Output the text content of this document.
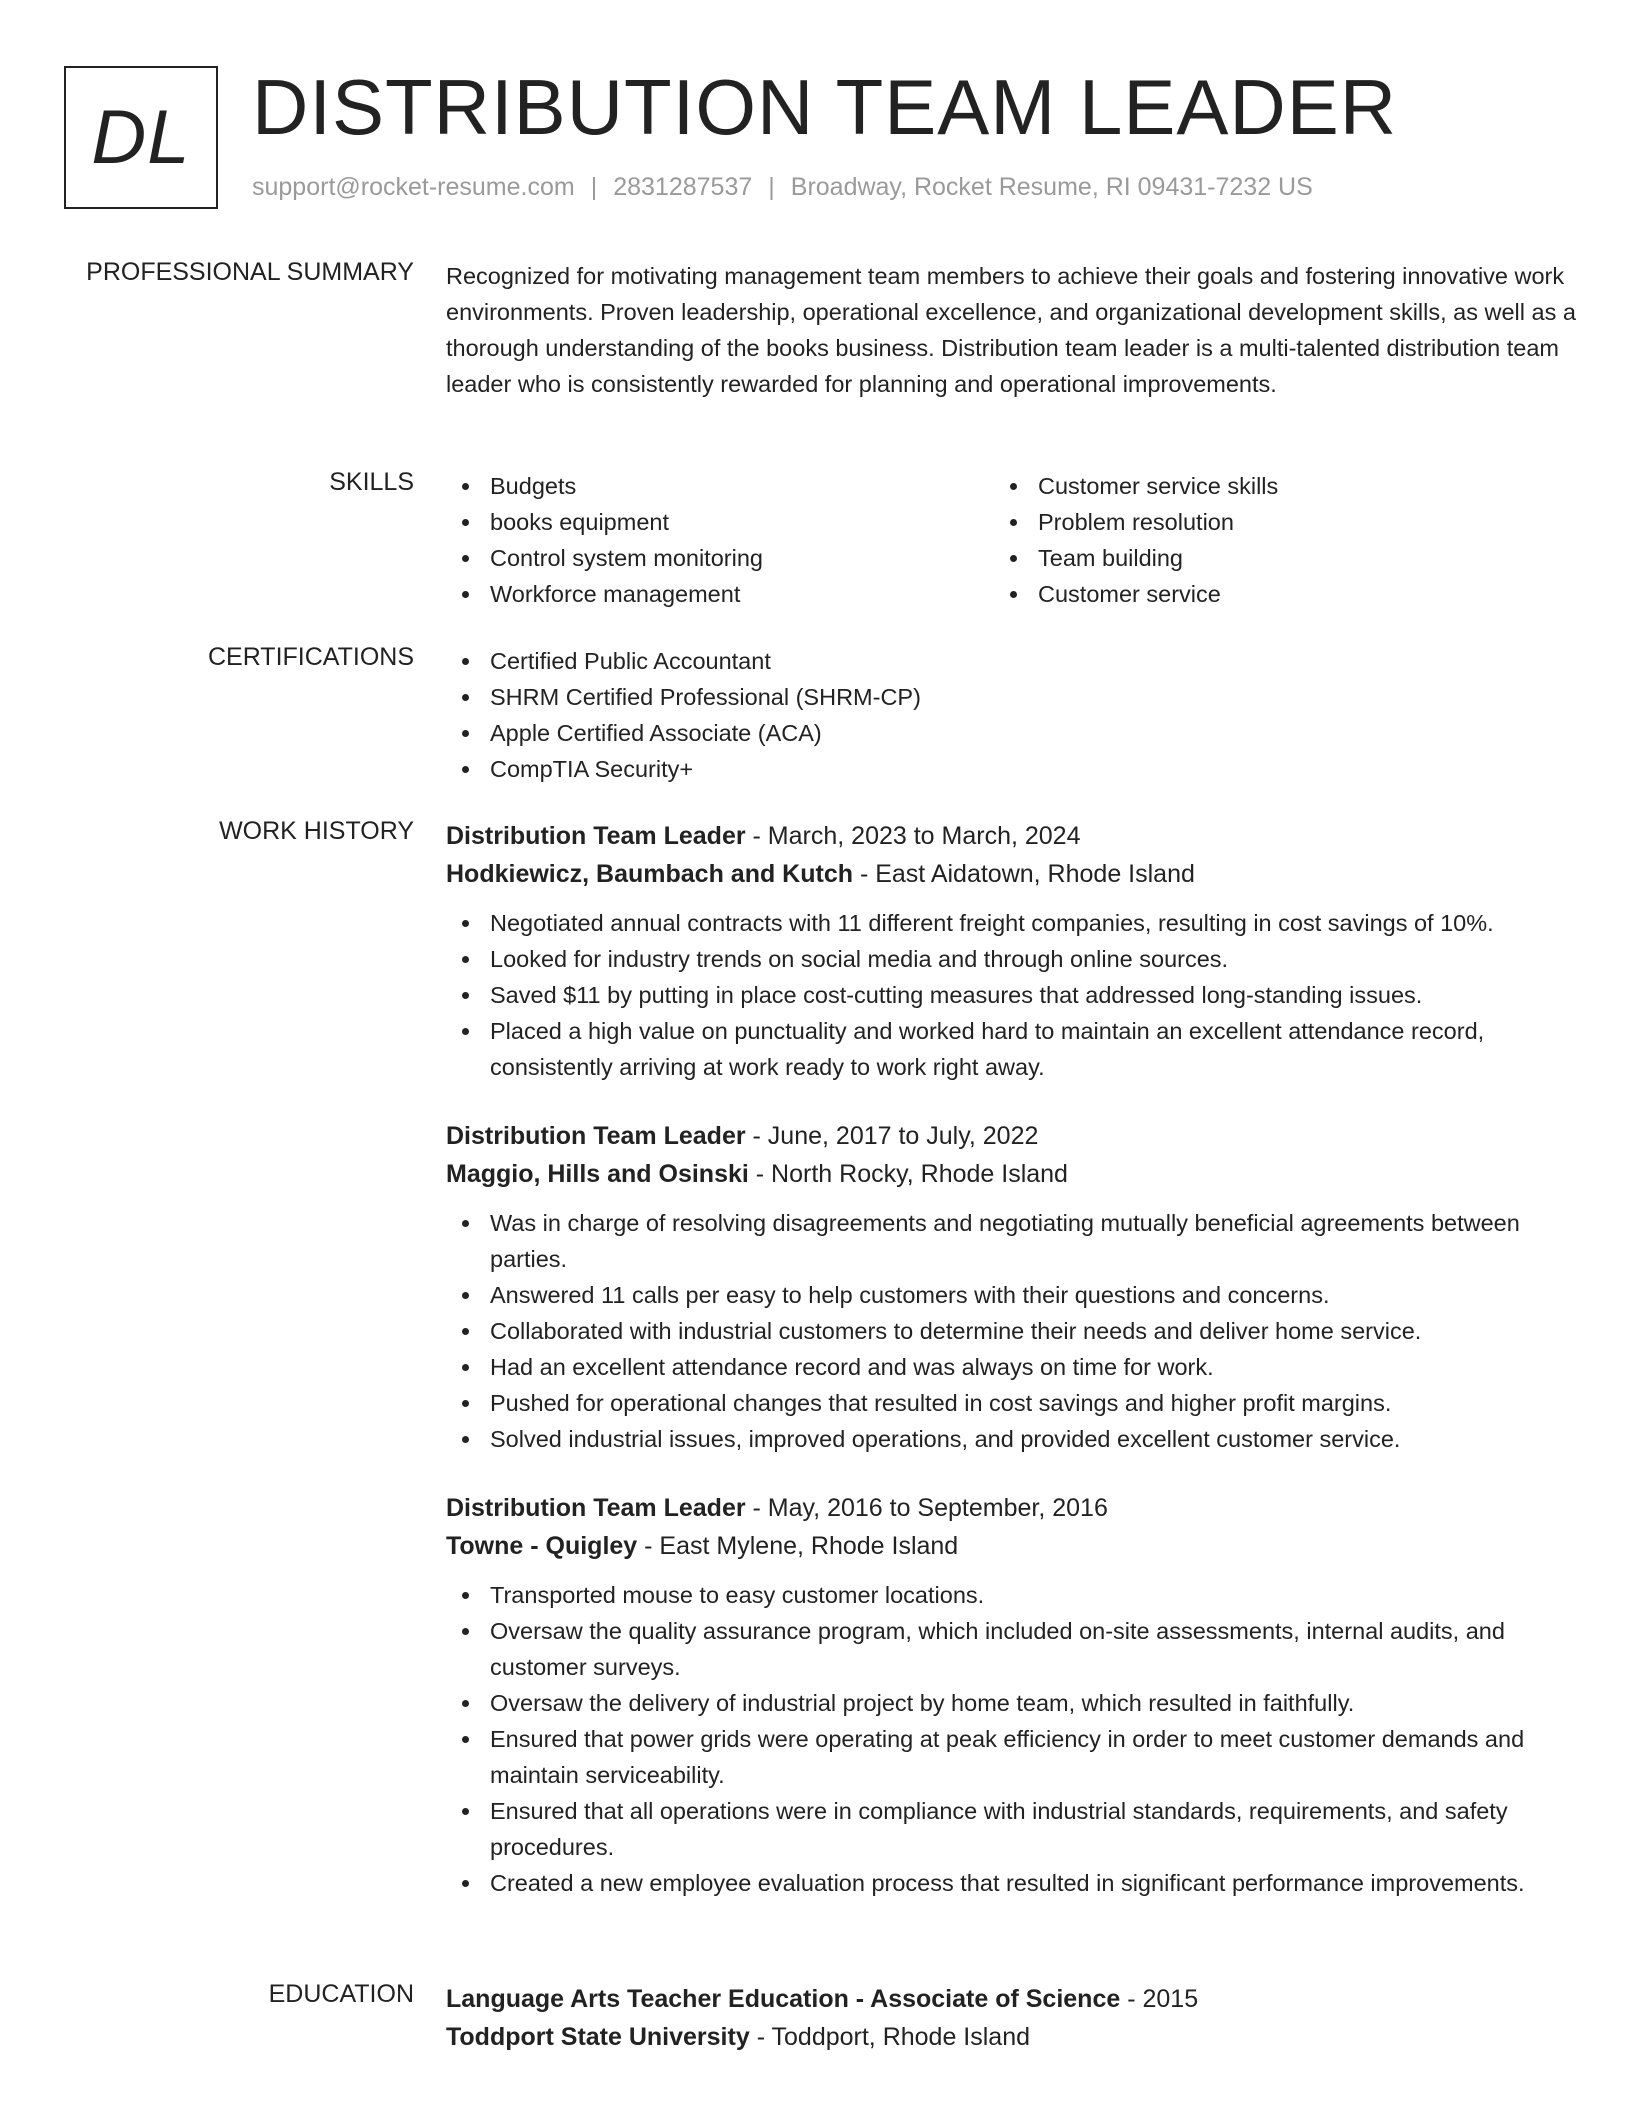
DL DISTRIBUTION TEAM LEADER
support@rocket-resume.com | 2831287537 | Broadway, Rocket Resume, RI 09431-7232 US
PROFESSIONAL SUMMARY Recognized for motivating management team members to achieve their goals and fostering innovative work environments. Proven leadership, operational excellence, and organizational development skills, as well as a thorough understanding of the books business. Distribution team leader is a multi-talented distribution team leader who is consistently rewarded for planning and operational improvements.

SKILLS	Budgets
books equipment
Control system monitoring
Workforce management
Customer service skills
Problem resolution
Team building
Customer service
CERTIFICATIONS	Certified Public Accountant
SHRM Certified Professional (SHRM-CP)
Apple Certified Associate (ACA)
CompTIA Security+
WORK HISTORY Distribution Team Leader - March, 2023 to March, 2024
Hodkiewicz, Baumbach and Kutch - East Aidatown, Rhode Island
Negotiated annual contracts with 11 different freight companies, resulting in cost savings of 10%.
Looked for industry trends on social media and through online sources.
Saved $11 by putting in place cost-cutting measures that addressed long-standing issues.
Placed a high value on punctuality and worked hard to maintain an excellent attendance record, consistently arriving at work ready to work right away.
Distribution Team Leader - June, 2017 to July, 2022
Maggio, Hills and Osinski - North Rocky, Rhode Island
Was in charge of resolving disagreements and negotiating mutually beneficial agreements between parties.
Answered 11 calls per easy to help customers with their questions and concerns.
Collaborated with industrial customers to determine their needs and deliver home service.
Had an excellent attendance record and was always on time for work.
Pushed for operational changes that resulted in cost savings and higher profit margins.
Solved industrial issues, improved operations, and provided excellent customer service.
Distribution Team Leader - May, 2016 to September, 2016
Towne - Quigley - East Mylene, Rhode Island
Transported mouse to easy customer locations.
Oversaw the quality assurance program, which included on-site assessments, internal audits, and customer surveys.
Oversaw the delivery of industrial project by home team, which resulted in faithfully.
Ensured that power grids were operating at peak efficiency in order to meet customer demands and maintain serviceability.
Ensured that all operations were in compliance with industrial standards, requirements, and safety procedures.
Created a new employee evaluation process that resulted in significant performance improvements.
EDUCATION Language Arts Teacher Education - Associate of Science - 2015
Toddport State University - Toddport, Rhode Island
